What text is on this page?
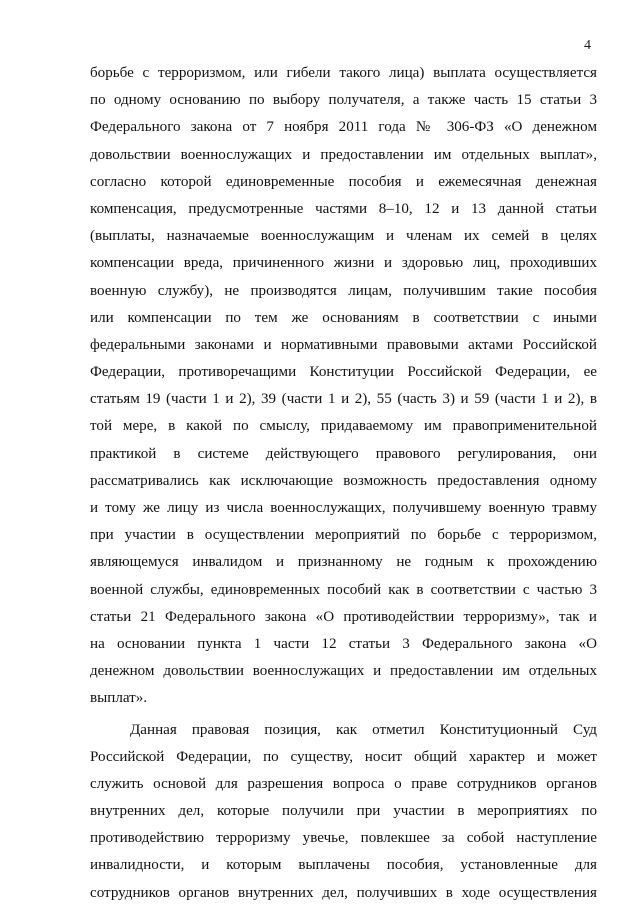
4
борьбе с терроризмом, или гибели такого лица) выплата осуществляется
по одному основанию по выбору получателя, а также часть 15 статьи 3
Федерального закона от 7 ноября 2011 года № 306-ФЗ «О денежном
довольствии военнослужащих и предоставлении им отдельных выплат»,
согласно которой единовременные пособия и ежемесячная денежная
компенсация, предусмотренные частями 8–10, 12 и 13 данной статьи
(выплаты, назначаемые военнослужащим и членам их семей в целях
компенсации вреда, причиненного жизни и здоровью лиц, проходивших
военную службу), не производятся лицам, получившим такие пособия
или компенсации по тем же основаниям в соответствии с иными
федеральными законами и нормативными правовыми актами Российской
Федерации, противоречащими Конституции Российской Федерации, ее
статьям 19 (части 1 и 2), 39 (части 1 и 2), 55 (часть 3) и 59 (части 1 и 2), в
той мере, в какой по смыслу, придаваемому им правоприменительной
практикой в системе действующего правового регулирования, они
рассматривались как исключающие возможность предоставления одному
и тому же лицу из числа военнослужащих, получившему военную травму
при участии в осуществлении мероприятий по борьбе с терроризмом,
являющемуся инвалидом и признанному не годным к прохождению
военной службы, единовременных пособий как в соответствии с частью 3
статьи 21 Федерального закона «О противодействии терроризму», так и
на основании пункта 1 части 12 статьи 3 Федерального закона «О
денежном довольствии военнослужащих и предоставлении им отдельных
выплат».
Данная правовая позиция, как отметил Конституционный Суд
Российской Федерации, по существу, носит общий характер и может
служить основой для разрешения вопроса о праве сотрудников органов
внутренних дел, которые получили при участии в мероприятиях по
противодействию терроризму увечье, повлекшее за собой наступление
инвалидности, и которым выплачены пособия, установленные для
сотрудников органов внутренних дел, получивших в ходе осуществления
